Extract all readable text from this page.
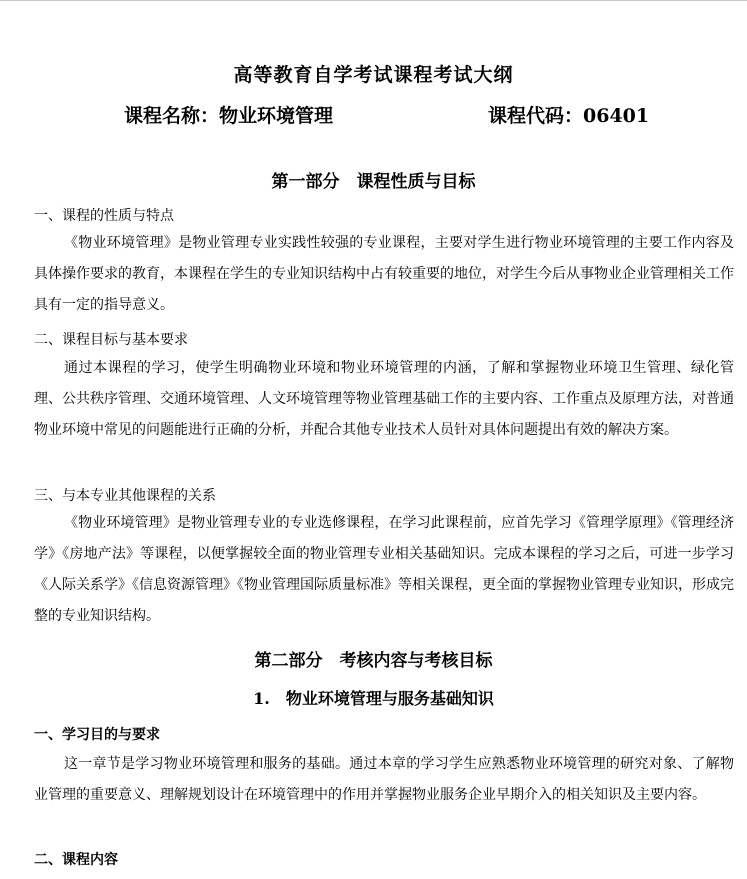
高等教育自学考试课程考试大纲
课程名称：物业环境管理	课程代码：06401
第一部分　课程性质与目标
一、课程的性质与特点

《物业环境管理》是物业管理专业实践性较强的专业课程，主要对学生进行物业环境管理的主要工作内容及具体操作要求的教育，本课程在学生的专业知识结构中占有较重要的地位，对学生今后从事物业企业管理相关工作具有一定的指导意义。

二、课程目标与基本要求

通过本课程的学习，使学生明确物业环境和物业环境管理的内涵，了解和掌握物业环境卫生管理、绿化管理、公共秩序管理、交通环境管理、人文环境管理等物业管理基础工作的主要内容、工作重点及原理方法，对普通物业环境中常见的问题能进行正确的分析，并配合其他专业技术人员针对具体问题提出有效的解决方案。

三、与本专业其他课程的关系

《物业环境管理》是物业管理专业的专业选修课程，在学习此课程前，应首先学习《管理学原理》《管理经济学》《房地产法》等课程，以便掌握较全面的物业管理专业相关基础知识。完成本课程的学习之后，可进一步学习《人际关系学》《信息资源管理》《物业管理国际质量标准》等相关课程，更全面的掌握物业管理专业知识，形成完整的专业知识结构。

第二部分　考核内容与考核目标
1.　物业环境管理与服务基础知识
一、学习目的与要求

这一章节是学习物业环境管理和服务的基础。通过本章的学习学生应熟悉物业环境管理的研究对象、了解物业管理的重要意义、理解规划设计在环境管理中的作用并掌握物业服务企业早期介入的相关知识及主要内容。

二、课程内容
